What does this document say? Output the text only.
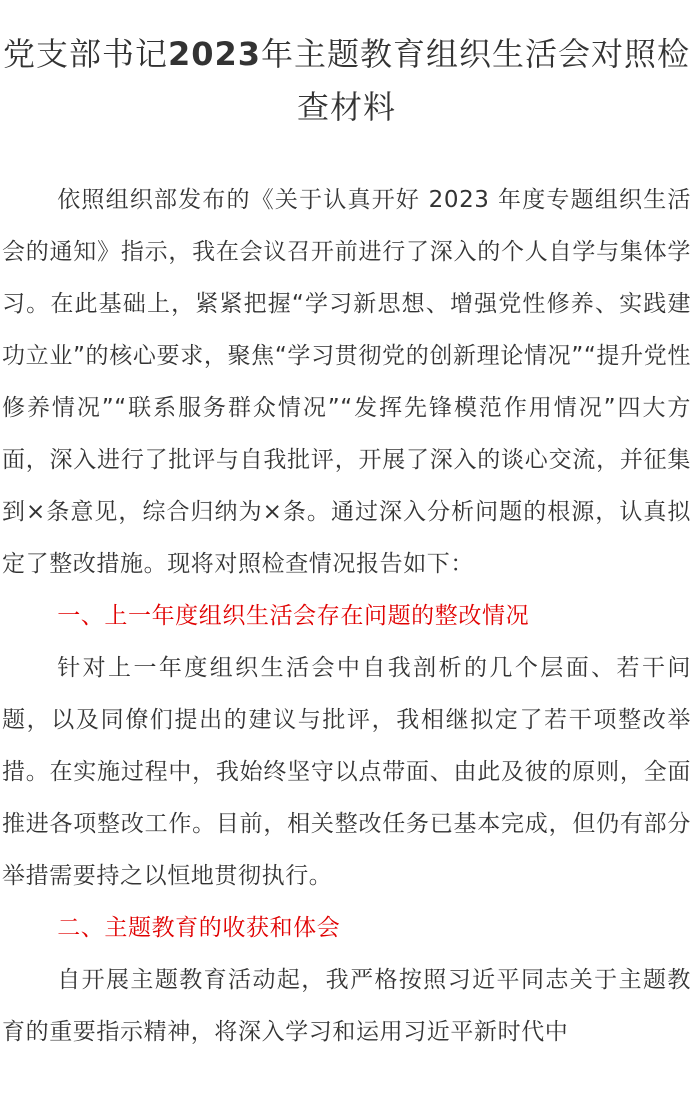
党支部书记2023年主题教育组织生活会对照检查材料

依照组织部发布的《关于认真开好 2023 年度专题组织生活会的通知》指示，我在会议召开前进行了深入的个人自学与集体学习。在此基础上，紧紧把握“学习新思想、增强党性修养、实践建功立业”的核心要求，聚焦“学习贯彻党的创新理论情况”“提升党性修养情况”“联系服务群众情况”“发挥先锋模范作用情况”四大方面，深入进行了批评与自我批评，开展了深入的谈心交流，并征集到×条意见，综合归纳为×条。通过深入分析问题的根源，认真拟定了整改措施。现将对照检查情况报告如下：

一、上一年度组织生活会存在问题的整改情况

针对上一年度组织生活会中自我剖析的几个层面、若干问题，以及同僚们提出的建议与批评，我相继拟定了若干项整改举措。在实施过程中，我始终坚守以点带面、由此及彼的原则，全面推进各项整改工作。目前，相关整改任务已基本完成，但仍有部分举措需要持之以恒地贯彻执行。

二、主题教育的收获和体会

自开展主题教育活动起，我严格按照习近平同志关于主题教育的重要指示精神，将深入学习和运用习近平新时代中
